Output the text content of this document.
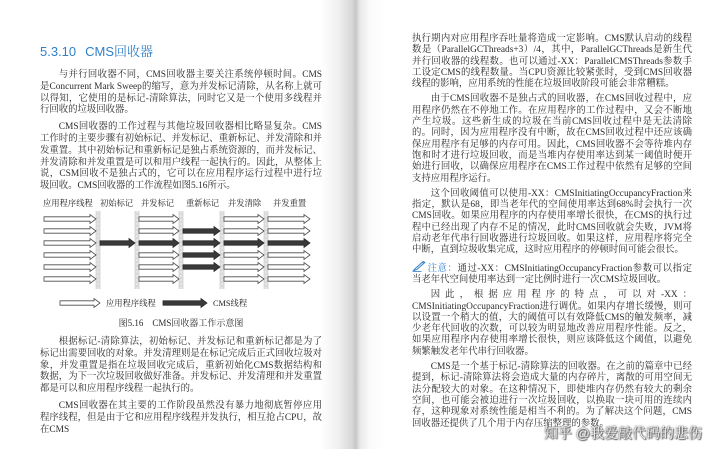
5.3.10 CMS回收器

与并行回收器不同，CMS回收器主要关注系统停顿时间。CMS是Concurrent Mark Sweep的缩写，意为并发标记清除，从名称上就可以得知，它使用的是标记-清除算法，同时它又是一个使用多线程并行回收的垃圾回收器。

CMS回收器的工作过程与其他垃圾回收器相比略显复杂。CMS工作时的主要步骤有初始标记、并发标记、重新标记、并发清除和并发重置。其中初始标记和重新标记是独占系统资源的，而并发标记、并发清除和并发重置是可以和用户线程一起执行的。因此，从整体上说，CSM回收不是独占式的，它可以在应用程序运行过程中进行垃圾回收。CMS回收器的工作流程如图5.16所示。

应用程序线程 初始标记 并发标记 重新标记 并发清除 并发重置
应用程序线程	CMS线程
图5.16　CMS回收器工作示意图

根据标记-清除算法，初始标记、并发标记和重新标记都是为了标记出需要回收的对象。并发清理则是在标记完成后正式回收垃圾对象，并发重置是指在垃圾回收完成后，重新初始化CMS数据结构和数据，为下一次垃圾回收做好准备。并发标记、并发清理和并发重置都是可以和应用程序线程一起执行的。

CMS回收器在其主要的工作阶段虽然没有暴力地彻底暂停应用程序线程，但是由于它和应用程序线程并发执行，相互抢占CPU，故在CMS

执行期内对应用程序吞吐量将造成一定影响。CMS默认启动的线程数是（ParallelGCThreads+3）/4，其中，ParallelGCThreads是新生代并行回收器的线程数。也可以通过-XX：ParallelCMSThreads参数手工设定CMS的线程数量。当CPU资源比较紧张时，受到CMS回收器线程的影响，应用系统的性能在垃圾回收阶段可能会非常糟糕。

由于CMS回收器不是独占式的回收器，在CMS回收过程中，应用程序仍然在不停地工作。在应用程序的工作过程中，又会不断地产生垃圾。这些新生成的垃圾在当前CMS回收过程中是无法清除的。同时，因为应用程序没有中断，故在CMS回收过程中还应该确保应用程序有足够的内存可用。因此，CMS回收器不会等待堆内存饱和时才进行垃圾回收，而是当堆内存使用率达到某一阈值时便开始进行回收，以确保应用程序在CMS工作过程中依然有足够的空间支持应用程序运行。

这个回收阈值可以使用-XX：CMSInitiatingOccupancyFraction来指定，默认是68，即当老年代的空间使用率达到68%时会执行一次CMS回收。如果应用程序的内存使用率增长很快，在CMS的执行过程中已经出现了内存不足的情况，此时CMS回收就会失败，JVM将启动老年代串行回收器进行垃圾回收。如果这样，应用程序将完全中断，直到垃圾收集完成，这时应用程序的停顿时间可能会很长。

注意：通过-XX：CMSInitiatingOccupancyFraction参数可以指定当老年代空间使用率达到一定比例时进行一次CMS垃圾回收。

因此，根据应用程序的特点，可以对-XX：CMSInitiatingOccupancyFraction进行调优。如果内存增长缓慢，则可以设置一个稍大的值，大的阈值可以有效降低CMS的触发频率，减少老年代回收的次数，可以较为明显地改善应用程序性能。反之，如果应用程序内存使用率增长很快，则应该降低这个阈值，以避免频繁触发老年代串行回收器。

CMS是一个基于标记-清除算法的回收器。在之前的篇章中已经提到，标记-清除算法将会造成大量的内存碎片，离散的可用空间无法分配较大的对象。在这种情况下，即使堆内存仍然有较大的剩余空间，也可能会被迫进行一次垃圾回收，以换取一块可用的连续内存，这种现象对系统性能是相当不利的。为了解决这个问题，CMS回收器还提供了几个用于内存压缩整理的参数。

知乎 @我爱敲代码的悲伤
